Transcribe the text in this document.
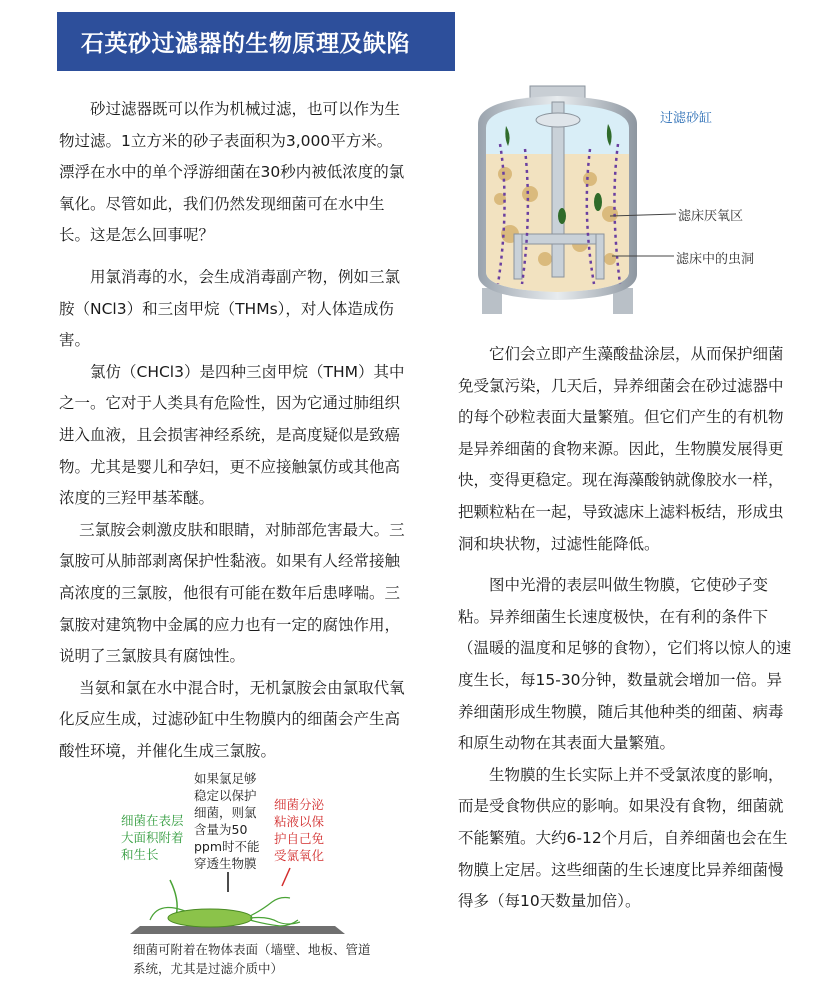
石英砂过滤器的生物原理及缺陷

砂过滤器既可以作为机械过滤，也可以作为生物过滤。1立方米的砂子表面积为3,000平方米。漂浮在水中的单个浮游细菌在30秒内被低浓度的氯氧化。尽管如此，我们仍然发现细菌可在水中生长。这是怎么回事呢？

用氯消毒的水，会生成消毒副产物，例如三氯胺（NCl3）和三卤甲烷（THMs），对人体造成伤害。

氯仿（CHCl3）是四种三卤甲烷（THM）其中之一。它对于人类具有危险性，因为它通过肺组织进入血液，且会损害神经系统，是高度疑似是致癌物。尤其是婴儿和孕妇，更不应接触氯仿或其他高浓度的三羟甲基苯醚。

三氯胺会刺激皮肤和眼睛，对肺部危害最大。三氯胺可从肺部剥离保护性黏液。如果有人经常接触高浓度的三氯胺，他很有可能在数年后患哮喘。三氯胺对建筑物中金属的应力也有一定的腐蚀作用，说明了三氯胺具有腐蚀性。

当氨和氯在水中混合时，无机氯胺会由氯取代氧化反应生成，过滤砂缸中生物膜内的细菌会产生高酸性环境，并催化生成三氯胺。

过滤砂缸
滤床厌氧区
滤床中的虫洞

它们会立即产生藻酸盐涂层，从而保护细菌免受氯污染，几天后，异养细菌会在砂过滤器中的每个砂粒表面大量繁殖。但它们产生的有机物是异养细菌的食物来源。因此，生物膜发展得更快，变得更稳定。现在海藻酸钠就像胶水一样，把颗粒粘在一起，导致滤床上滤料板结，形成虫洞和块状物，过滤性能降低。

图中光滑的表层叫做生物膜，它使砂子变粘。异养细菌生长速度极快，在有利的条件下（温暖的温度和足够的食物），它们将以惊人的速度生长，每15-30分钟，数量就会增加一倍。异养细菌形成生物膜，随后其他种类的细菌、病毒和原生动物在其表面大量繁殖。

生物膜的生长实际上并不受氯浓度的影响，而是受食物供应的影响。如果没有食物，细菌就不能繁殖。大约6-12个月后，自养细菌也会在生物膜上定居。这些细菌的生长速度比异养细菌慢得多（每10天数量加倍）。

如果氯足够稳定以保护细菌，则氯含量为50 ppm时不能穿透生物膜
细菌在表层大面积附着和生长
细菌分泌粘液以保护自己免受氯氧化
细菌可附着在物体表面（墙壁、地板、管道系统，尤其是过滤介质中）
